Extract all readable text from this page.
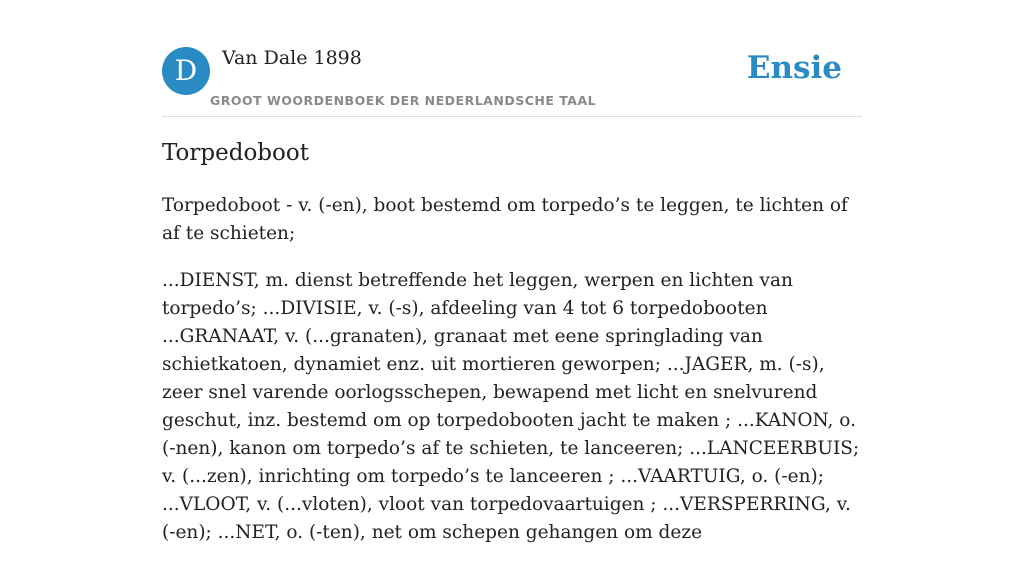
D	Van Dale 1898
GROOT WOORDENBOEK DER NEDERLANDSCHE TAAL
Ensie
Torpedoboot

Torpedoboot - v. (-en), boot bestemd om torpedo’s te leggen, te lichten of af te schieten;

...DIENST, m. dienst betreffende het leggen, werpen en lichten van torpedo’s; ...DIVISIE, v. (-s), afdeeling van 4 tot 6 torpedobooten ...GRANAAT, v. (...granaten), granaat met eene springlading van schietkatoen, dynamiet enz. uit mortieren geworpen; ...JAGER, m. (-s), zeer snel varende oorlogsschepen, bewapend met licht en snelvurend geschut, inz. bestemd om op torpedobooten jacht te maken ; ...KANON, o. (-nen), kanon om torpedo’s af te schieten, te lanceeren; ...LANCEERBUIS; v. (...zen), inrichting om torpedo’s te lanceeren ; ...VAARTUIG, o. (-en); ...VLOOT, v. (...vloten), vloot van torpedovaartuigen ; ...VERSPERRING, v. (-en); ...NET, o. (-ten), net om schepen gehangen om deze
